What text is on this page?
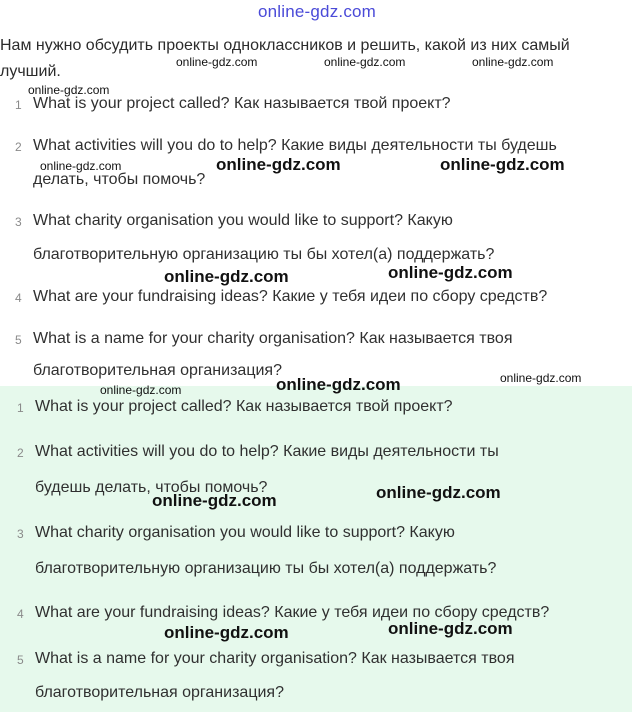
online-gdz.com
Нам нужно обсудить проекты одноклассников и решить, какой из них самый лучший.
1 What is your project called? Как называется твой проект?
2 What activities will you do to help? Какие виды деятельности ты будешь
делать, чтобы помочь?
3 What charity organisation you would like to support? Какую
благотворительную организацию ты бы хотел(а) поддержать?
4 What are your fundraising ideas? Какие у тебя идеи по сбору средств?
5 What is a name for your charity organisation? Как называется твоя
благотворительная организация?
1 What is your project called? Как называется твой проект?
2 What activities will you do to help? Какие виды деятельности ты
будешь делать, чтобы помочь?
3 What charity organisation you would like to support? Какую
благотворительную организацию ты бы хотел(а) поддержать?
4 What are your fundraising ideas? Какие у тебя идеи по сбору средств?
5 What is a name for your charity organisation? Как называется твоя
благотворительная организация?
online-gdz.com	online-gdz.com	online-gdz.com
online-gdz.com
online-gdz.com	online-gdz.com	online-gdz.com
online-gdz.com	online-gdz.com
online-gdz.com
online-gdz.com
online-gdz.com
online-gdz.com	online-gdz.com
online-gdz.com	online-gdz.com
